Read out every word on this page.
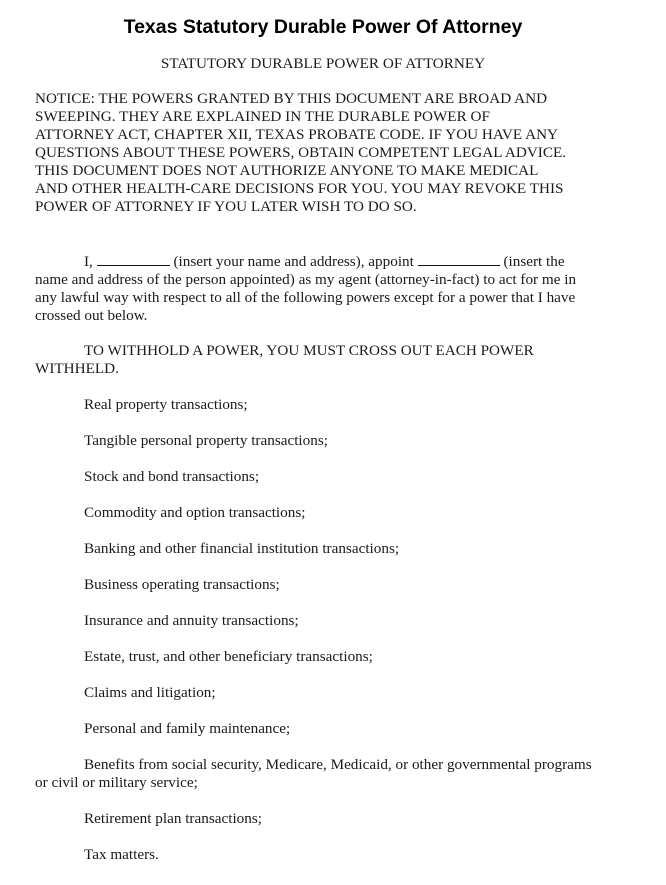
Texas Statutory Durable Power Of Attorney
STATUTORY DURABLE POWER OF ATTORNEY

NOTICE: THE POWERS GRANTED BY THIS DOCUMENT ARE BROAD AND
SWEEPING. THEY ARE EXPLAINED IN THE DURABLE POWER OF
ATTORNEY ACT, CHAPTER XII, TEXAS PROBATE CODE. IF YOU HAVE ANY
QUESTIONS ABOUT THESE POWERS, OBTAIN COMPETENT LEGAL ADVICE.
THIS DOCUMENT DOES NOT AUTHORIZE ANYONE TO MAKE MEDICAL
AND OTHER HEALTH-CARE DECISIONS FOR YOU. YOU MAY REVOKE THIS
POWER OF ATTORNEY IF YOU LATER WISH TO DO SO.

I,	(insert your name and address), appoint	(insert the
name and address of the person appointed) as my agent (attorney-in-fact) to act for me in
any lawful way with respect to all of the following powers except for a power that I have
crossed out below.

TO WITHHOLD A POWER, YOU MUST CROSS OUT EACH POWER
WITHHELD.

Real property transactions;
Tangible personal property transactions;
Stock and bond transactions;
Commodity and option transactions;
Banking and other financial institution transactions;
Business operating transactions;
Insurance and annuity transactions;
Estate, trust, and other beneficiary transactions;
Claims and litigation;
Personal and family maintenance;
Benefits from social security, Medicare, Medicaid, or other governmental programs
or civil or military service;
Retirement plan transactions;
Tax matters.
